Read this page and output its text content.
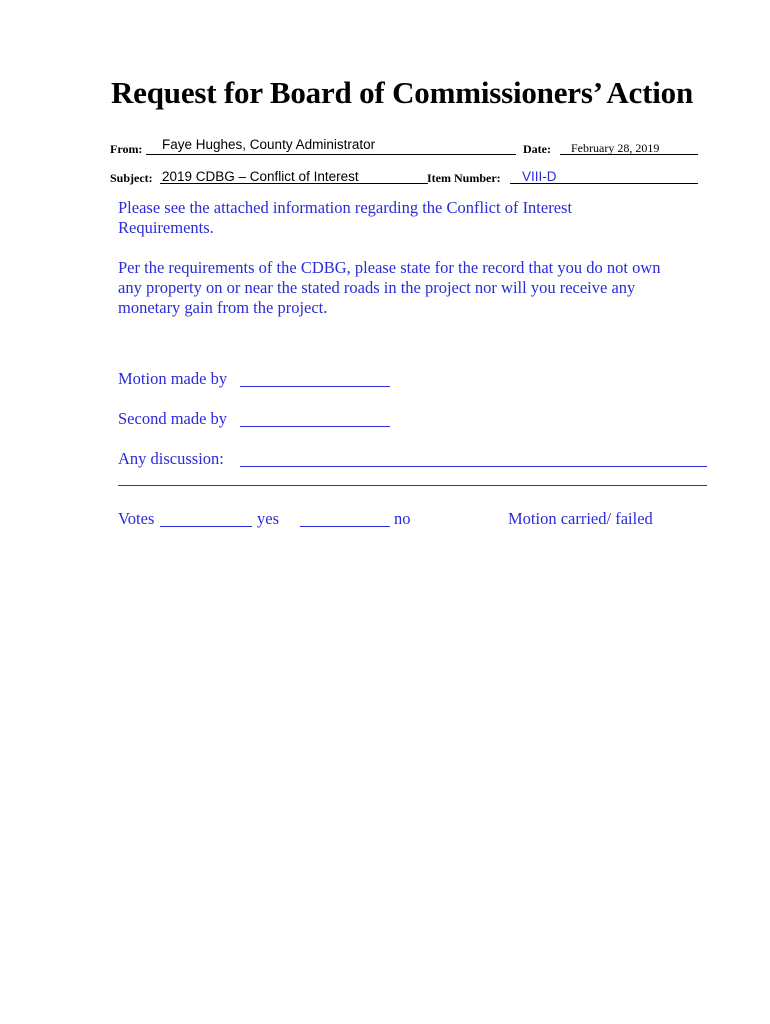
Request for Board of Commissioners’ Action
From: Faye Hughes, County Administrator	Date: February 28, 2019
Subject: 2019 CDBG – Conflict of Interest	Item Number: VIII-D
Please see the attached information regarding the Conflict of Interest
Requirements.
Per the requirements of the CDBG, please state for the record that you do not own
any property on or near the stated roads in the project nor will you receive any
monetary gain from the project.
Motion made by
Second made by
Any discussion:
Votes	yes	no	Motion carried/ failed
